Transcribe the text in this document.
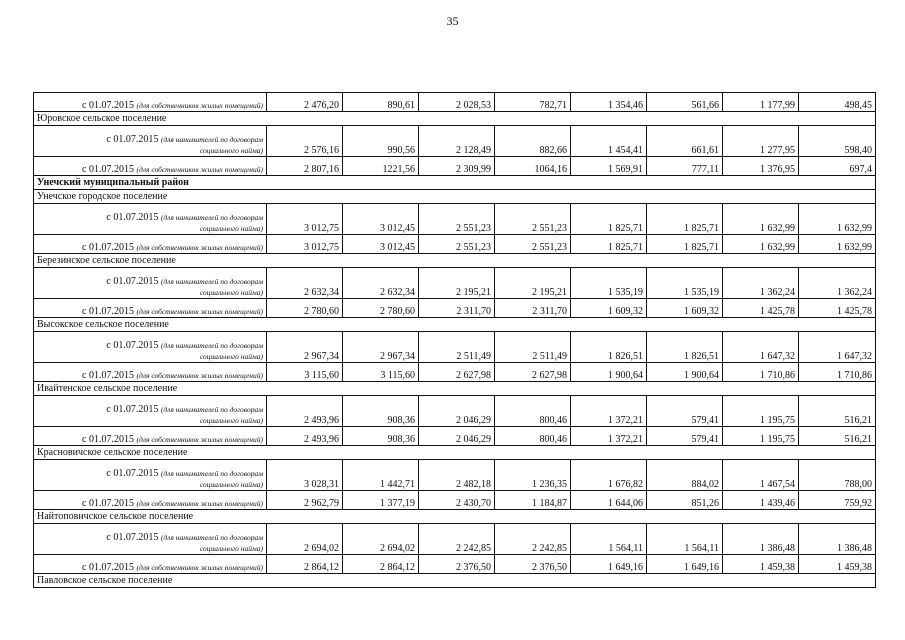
35
с 01.07.2015 (для собственников жилых помещений)	2 476,20	890,61	2 028,53	782,71	1 354,46	561,66	1 177,99	498,45
Юровское сельское поселение								

с 01.07.2015 (для нанимателей по договорам
социального найма)	2 576,16	990,56	2 128,49	882,66	1 454,41	661,61	1 277,95	598,40
с 01.07.2015 (для собственников жилых помещений)	2 807,16	1221,56	2 309,99	1064,16	1 569,91	777,11	1 376,95	697,4
Унечский муниципальный район								
Унечское городское поселение								

с 01.07.2015 (для нанимателей по договорам
социального найма)	3 012,75	3 012,45	2 551,23	2 551,23	1 825,71	1 825,71	1 632,99	1 632,99
с 01.07.2015 (для собственников жилых помещений)	3 012,75	3 012,45	2 551,23	2 551,23	1 825,71	1 825,71	1 632,99	1 632,99
Березинское сельское поселение								

с 01.07.2015 (для нанимателей по договорам
социального найма)	2 632,34	2 632,34	2 195,21	2 195,21	1 535,19	1 535,19	1 362,24	1 362,24
с 01.07.2015 (для собственников жилых помещений)	2 780,60	2 780,60	2 311,70	2 311,70	1 609,32	1 609,32	1 425,78	1 425,78
Высокское сельское поселение								

с 01.07.2015 (для нанимателей по договорам
социального найма)	2 967,34	2 967,34	2 511,49	2 511,49	1 826,51	1 826,51	1 647,32	1 647,32
с 01.07.2015 (для собственников жилых помещений)	3 115,60	3 115,60	2 627,98	2 627,98	1 900,64	1 900,64	1 710,86	1 710,86
Ивайтенское сельское поселение								

с 01.07.2015 (для нанимателей по договорам
социального найма)	2 493,96	908,36	2 046,29	800,46	1 372,21	579,41	1 195,75	516,21
с 01.07.2015 (для собственников жилых помещений)	2 493,96	908,36	2 046,29	800,46	1 372,21	579,41	1 195,75	516,21
Красновичское сельское поселение								

с 01.07.2015 (для нанимателей по договорам
социального найма)	3 028,31	1 442,71	2 482,18	1 236,35	1 676,82	884,02	1 467,54	788,00
с 01.07.2015 (для собственников жилых помещений)	2 962,79	1 377,19	2 430,70	1 184,87	1 644,06	851,26	1 439,46	759,92
Найтоповичское сельское поселение								

с 01.07.2015 (для нанимателей по договорам
социального найма)	2 694,02	2 694,02	2 242,85	2 242,85	1 564,11	1 564,11	1 386,48	1 386,48
с 01.07.2015 (для собственников жилых помещений)	2 864,12	2 864,12	2 376,50	2 376,50	1 649,16	1 649,16	1 459,38	1 459,38
Павловское сельское поселение								
